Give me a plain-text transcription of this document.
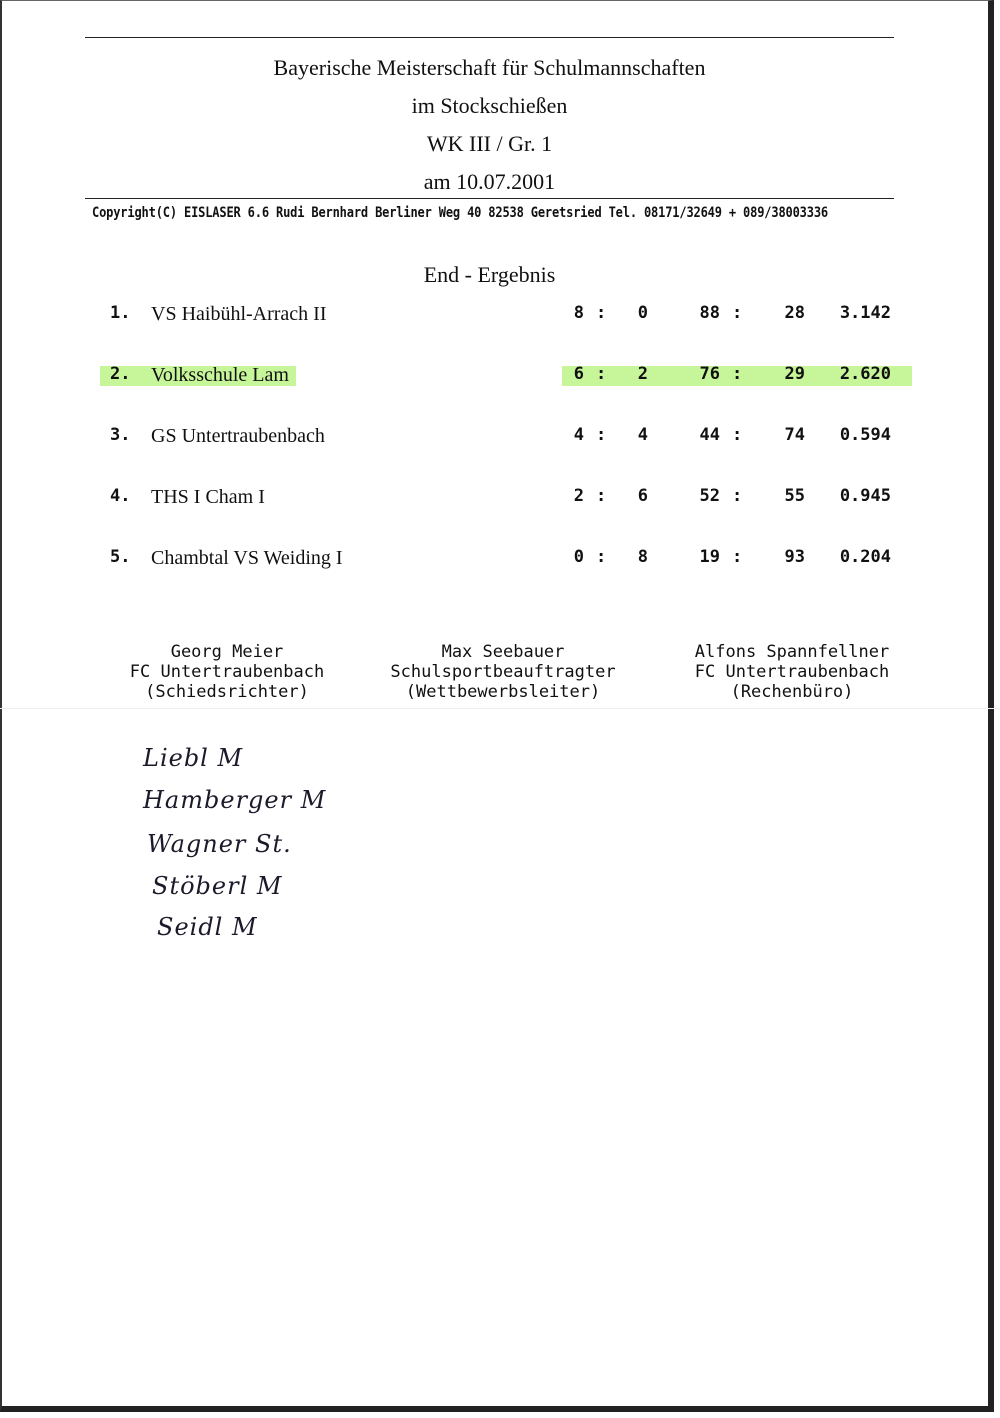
Bayerische Meisterschaft für Schulmannschaften
im Stockschießen
WK III / Gr. 1
am 10.07.2001
Copyright(C) EISLASER 6.6 Rudi Bernhard Berliner Weg 40 82538 Geretsried Tel. 08171/32649 + 089/38003336
End - Ergebnis
1.	VS Haibühl-Arrach II	8 :	0	88 :	28	3.142
2.	Volksschule Lam	6 :	2	76 :	29	2.620
3.	GS Untertraubenbach	4 :	4	44 :	74	0.594
4.	THS I Cham I	2 :	6	52 :	55	0.945
5.	Chambtal VS Weiding I	0 :	8	19 :	93	0.204
Georg Meier
FC Untertraubenbach
(Schiedsrichter)
Max Seebauer
Schulsportbeauftragter
(Wettbewerbsleiter)
Alfons Spannfellner
FC Untertraubenbach
(Rechenbüro)
Liebl M
Hamberger M
Wagner St.
Stöberl M
Seidl M
